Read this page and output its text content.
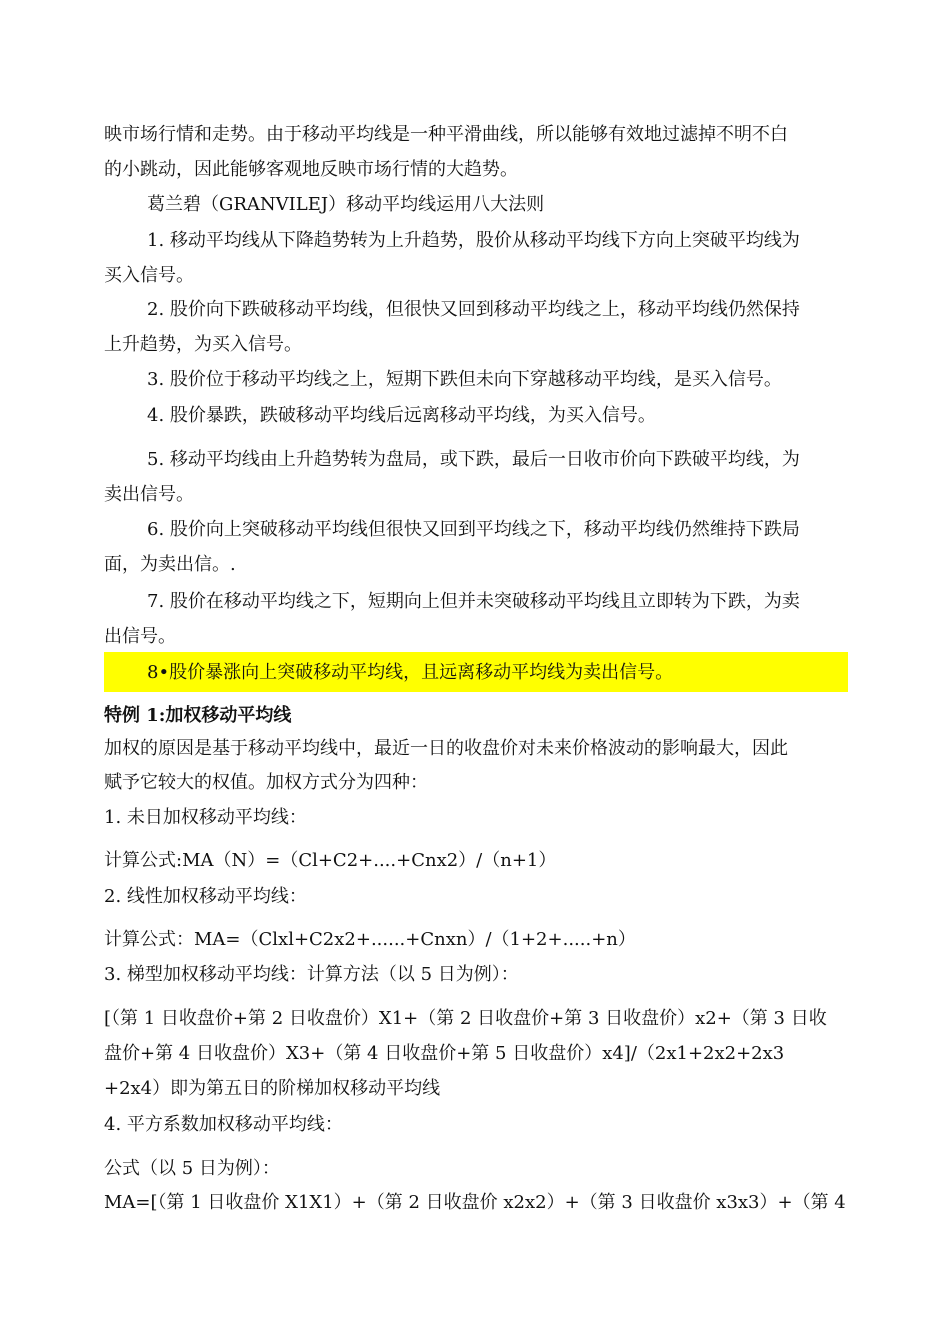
映市场行情和走势。由于移动平均线是一种平滑曲线，所以能够有效地过滤掉不明不白
的小跳动，因此能够客观地反映市场行情的大趋势。
葛兰碧（GRANVILEJ）移动平均线运用八大法则
1. 移动平均线从下降趋势转为上升趋势，股价从移动平均线下方向上突破平均线为
买入信号。
2. 股价向下跌破移动平均线，但很快又回到移动平均线之上，移动平均线仍然保持
上升趋势，为买入信号。
3. 股价位于移动平均线之上，短期下跌但未向下穿越移动平均线，是买入信号。
4. 股价暴跌，跌破移动平均线后远离移动平均线，为买入信号。
5. 移动平均线由上升趋势转为盘局，或下跌，最后一日收市价向下跌破平均线，为
卖出信号。
6. 股价向上突破移动平均线但很快又回到平均线之下，移动平均线仍然维持下跌局
面，为卖出信。.
7. 股价在移动平均线之下，短期向上但并未突破移动平均线且立即转为下跌，为卖
出信号。
8•股价暴涨向上突破移动平均线，且远离移动平均线为卖出信号。
特例 1:加权移动平均线
加权的原因是基于移动平均线中，最近一日的收盘价对未来价格波动的影响最大，因此
赋予它较大的权值。加权方式分为四种：
1. 未日加权移动平均线：
计算公式:MA（N）=（Cl+C2+....+Cnx2）/（n+1）
2. 线性加权移动平均线：
计算公式：MA=（Clxl+C2x2+......+Cnxn）/（1+2+.....+n）
3. 梯型加权移动平均线：计算方法（以 5 日为例）：
[（第 1 日收盘价+第 2 日收盘价）X1+（第 2 日收盘价+第 3 日收盘价）x2+（第 3 日收
盘价+第 4 日收盘价）X3+（第 4 日收盘价+第 5 日收盘价）x4]/（2x1+2x2+2x3
+2x4）即为第五日的阶梯加权移动平均线
4. 平方系数加权移动平均线：
公式（以 5 日为例）：
MA=[（第 1 日收盘价 X1X1）+（第 2 日收盘价 x2x2）+（第 3 日收盘价 x3x3）+（第 4
